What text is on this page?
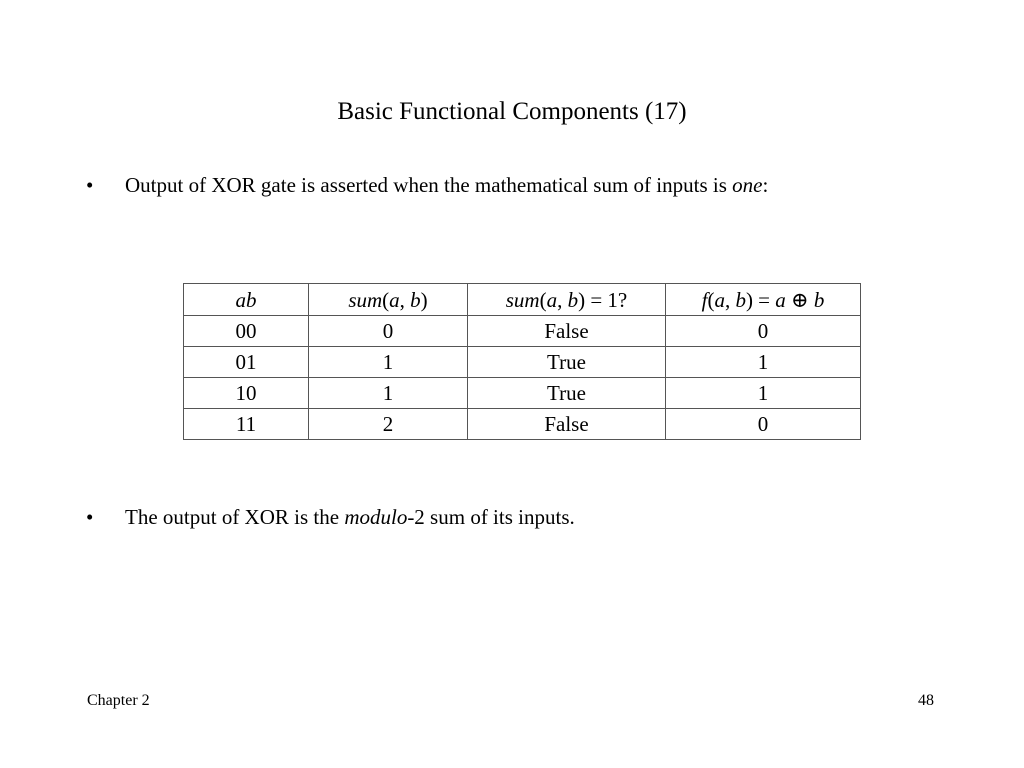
Basic Functional Components (17)
• Output of XOR gate is asserted when the mathematical sum of inputs is one:
ab	sum(a, b)	sum(a, b) = 1?	f(a, b) = a ⊕ b
00	0	False	0
01	1	True	1
10	1	True	1
11	2	False	0
• The output of XOR is the modulo-2 sum of its inputs.
Chapter 2	48
